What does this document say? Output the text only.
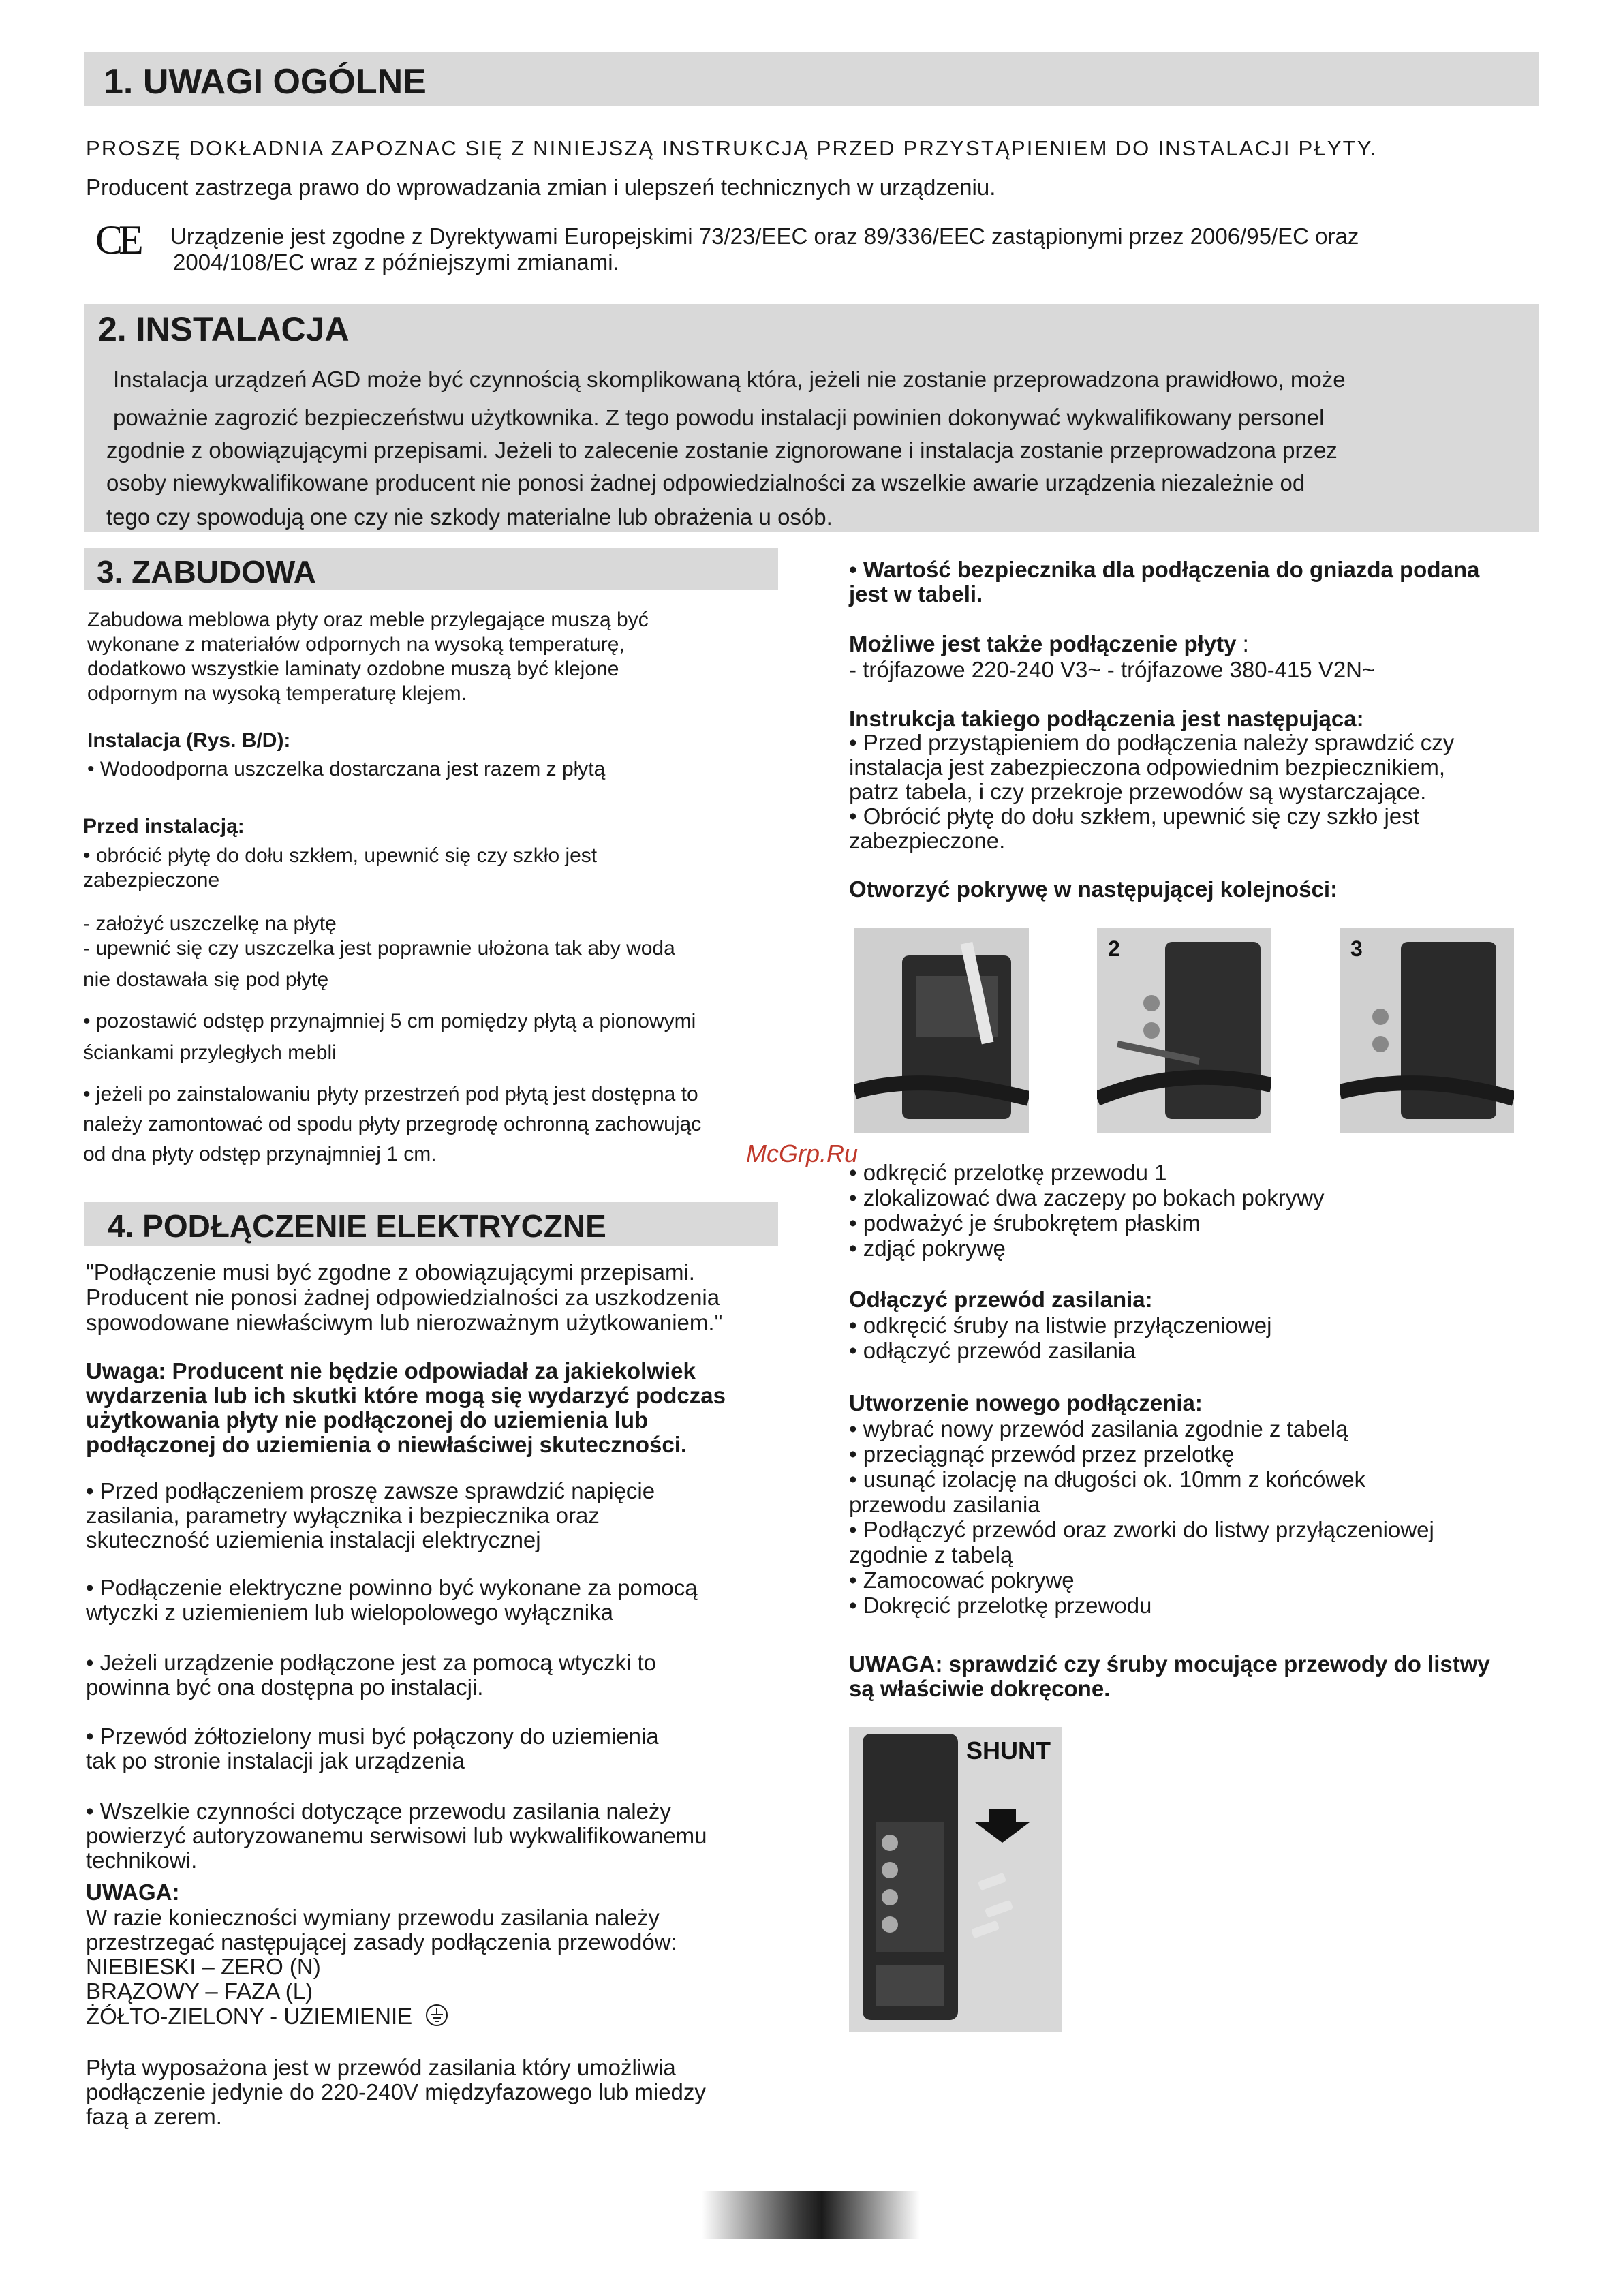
1. UWAGI OGÓLNE
PROSZĘ DOKŁADNIA ZAPOZNAC SIĘ Z NINIEJSZĄ INSTRUKCJĄ PRZED PRZYSTĄPIENIEM DO INSTALACJI PŁYTY.
Producent zastrzega prawo do wprowadzania zmian i ulepszeń technicznych w urządzeniu.
CE Urządzenie jest zgodne z Dyrektywami Europejskimi 73/23/EEC oraz 89/336/EEC zastąpionymi przez 2006/95/EC oraz
2004/108/EC wraz z późniejszymi zmianami.
2. INSTALACJA
Instalacja urządzeń AGD może być czynnością skomplikowaną która, jeżeli nie zostanie przeprowadzona prawidłowo, może
poważnie zagrozić bezpieczeństwu użytkownika. Z tego powodu instalacji powinien dokonywać wykwalifikowany personel
zgodnie z obowiązującymi przepisami. Jeżeli to zalecenie zostanie zignorowane i instalacja zostanie przeprowadzona przez
osoby niewykwalifikowane producent nie ponosi żadnej odpowiedzialności za wszelkie awarie urządzenia niezależnie od
tego czy spowodują one czy nie szkody materialne lub obrażenia u osób.
3. ZABUDOWA
Zabudowa meblowa płyty oraz meble przylegające muszą być
wykonane z materiałów odpornych na wysoką temperaturę,
dodatkowo wszystkie laminaty ozdobne muszą być klejone
odpornym na wysoką temperaturę klejem.
Instalacja (Rys. B/D):
• Wodoodporna uszczelka dostarczana jest razem z płytą
Przed instalacją:
• obrócić płytę do dołu szkłem, upewnić się czy szkło jest
zabezpieczone
- założyć uszczelkę na płytę
- upewnić się czy uszczelka jest poprawnie ułożona tak aby woda
nie dostawała się pod płytę
• pozostawić odstęp przynajmniej 5 cm pomiędzy płytą a pionowymi
ściankami przyległych mebli
• jeżeli po zainstalowaniu płyty przestrzeń pod płytą jest dostępna to
należy zamontować od spodu płyty przegrodę ochronną zachowując
od dna płyty odstęp przynajmniej 1 cm.
4. PODŁĄCZENIE ELEKTRYCZNE
"Podłączenie musi być zgodne z obowiązującymi przepisami.
Producent nie ponosi żadnej odpowiedzialności za uszkodzenia
spowodowane niewłaściwym lub nierozważnym użytkowaniem."
Uwaga: Producent nie będzie odpowiadał za jakiekolwiek
wydarzenia lub ich skutki które mogą się wydarzyć podczas
użytkowania płyty nie podłączonej do uziemienia lub
podłączonej do uziemienia o niewłaściwej skuteczności.
• Przed podłączeniem proszę zawsze sprawdzić napięcie
zasilania, parametry wyłącznika i bezpiecznika oraz
skuteczność uziemienia instalacji elektrycznej
• Podłączenie elektryczne powinno być wykonane za pomocą
wtyczki z uziemieniem lub wielopolowego wyłącznika
• Jeżeli urządzenie podłączone jest za pomocą wtyczki to
powinna być ona dostępna po instalacji.
• Przewód żółtozielony musi być połączony do uziemienia
tak po stronie instalacji jak urządzenia
• Wszelkie czynności dotyczące przewodu zasilania należy
powierzyć autoryzowanemu serwisowi lub wykwalifikowanemu
technikowi.
UWAGA:
W razie konieczności wymiany przewodu zasilania należy
przestrzegać następującej zasady podłączenia przewodów:
NIEBIESKI – ZERO (N)
BRĄZOWY – FAZA (L)
ŻÓŁTO-ZIELONY - UZIEMIENIE
Płyta wyposażona jest w przewód zasilania który umożliwia
podłączenie jedynie do 220-240V międzyfazowego lub miedzy
fazą a zerem.
• Wartość bezpiecznika dla podłączenia do gniazda podana
jest w tabeli.
Możliwe jest także podłączenie płyty :
- trójfazowe 220-240 V3~ - trójfazowe 380-415 V2N~
Instrukcja takiego podłączenia jest następująca:
• Przed przystąpieniem do podłączenia należy sprawdzić czy
instalacja jest zabezpieczona odpowiednim bezpiecznikiem,
patrz tabela, i czy przekroje przewodów są wystarczające.
• Obrócić płytę do dołu szkłem, upewnić się czy szkło jest
zabezpieczone.
Otworzyć pokrywę w następującej kolejności:
2	3
McGrp.Ru
• odkręcić przelotkę przewodu 1
• zlokalizować dwa zaczepy po bokach pokrywy
• podważyć je śrubokrętem płaskim
• zdjąć pokrywę
Odłączyć przewód zasilania:
• odkręcić śruby na listwie przyłączeniowej
• odłączyć przewód zasilania
Utworzenie nowego podłączenia:
• wybrać nowy przewód zasilania zgodnie z tabelą
• przeciągnąć przewód przez przelotkę
• usunąć izolację na długości ok. 10mm z końcówek
przewodu zasilania
• Podłączyć przewód oraz zworki do listwy przyłączeniowej
zgodnie z tabelą
• Zamocować pokrywę
• Dokręcić przelotkę przewodu
UWAGA: sprawdzić czy śruby mocujące przewody do listwy
są właściwie dokręcone.
SHUNT
